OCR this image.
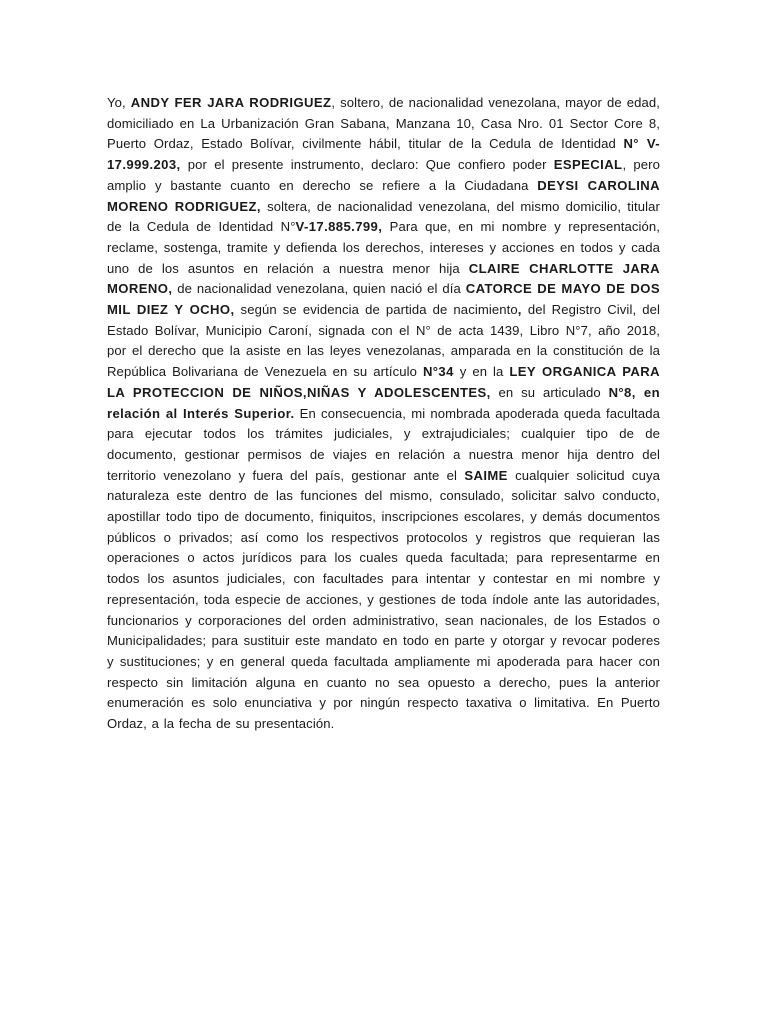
Yo, ANDY FER JARA RODRIGUEZ, soltero, de nacionalidad venezolana, mayor de edad, domiciliado en La Urbanización Gran Sabana, Manzana 10, Casa Nro. 01 Sector Core 8, Puerto Ordaz, Estado Bolívar, civilmente hábil, titular de la Cedula de Identidad N° V- 17.999.203, por el presente instrumento, declaro: Que confiero poder ESPECIAL, pero amplio y bastante cuanto en derecho se refiere a la Ciudadana DEYSI CAROLINA MORENO RODRIGUEZ, soltera, de nacionalidad venezolana, del mismo domicilio, titular de la Cedula de Identidad N°V-17.885.799, Para que, en mi nombre y representación, reclame, sostenga, tramite y defienda los derechos, intereses y acciones en todos y cada uno de los asuntos en relación a nuestra menor hija CLAIRE CHARLOTTE JARA MORENO, de nacionalidad venezolana, quien nació el día CATORCE DE MAYO DE DOS MIL DIEZ Y OCHO, según se evidencia de partida de nacimiento, del Registro Civil, del Estado Bolívar, Municipio Caroní, signada con el N° de acta 1439, Libro N°7, año 2018, por el derecho que la asiste en las leyes venezolanas, amparada en la constitución de la República Bolivariana de Venezuela en su artículo N°34 y en la LEY ORGANICA PARA LA PROTECCION DE NIÑOS,NIÑAS Y ADOLESCENTES, en su articulado N°8, en relación al Interés Superior. En consecuencia, mi nombrada apoderada queda facultada para ejecutar todos los trámites judiciales, y extrajudiciales; cualquier tipo de de documento, gestionar permisos de viajes en relación a nuestra menor hija dentro del territorio venezolano y fuera del país, gestionar ante el SAIME cualquier solicitud cuya naturaleza este dentro de las funciones del mismo, consulado, solicitar salvo conducto, apostillar todo tipo de documento, finiquitos, inscripciones escolares, y demás documentos públicos o privados; así como los respectivos protocolos y registros que requieran las operaciones o actos jurídicos para los cuales queda facultada; para representarme en todos los asuntos judiciales, con facultades para intentar y contestar en mi nombre y representación, toda especie de acciones, y gestiones de toda índole ante las autoridades, funcionarios y corporaciones del orden administrativo, sean nacionales, de los Estados o Municipalidades; para sustituir este mandato en todo en parte y otorgar y revocar poderes y sustituciones; y en general queda facultada ampliamente mi apoderada para hacer con respecto sin limitación alguna en cuanto no sea opuesto a derecho, pues la anterior enumeración es solo enunciativa y por ningún respecto taxativa o limitativa. En Puerto Ordaz, a la fecha de su presentación.
